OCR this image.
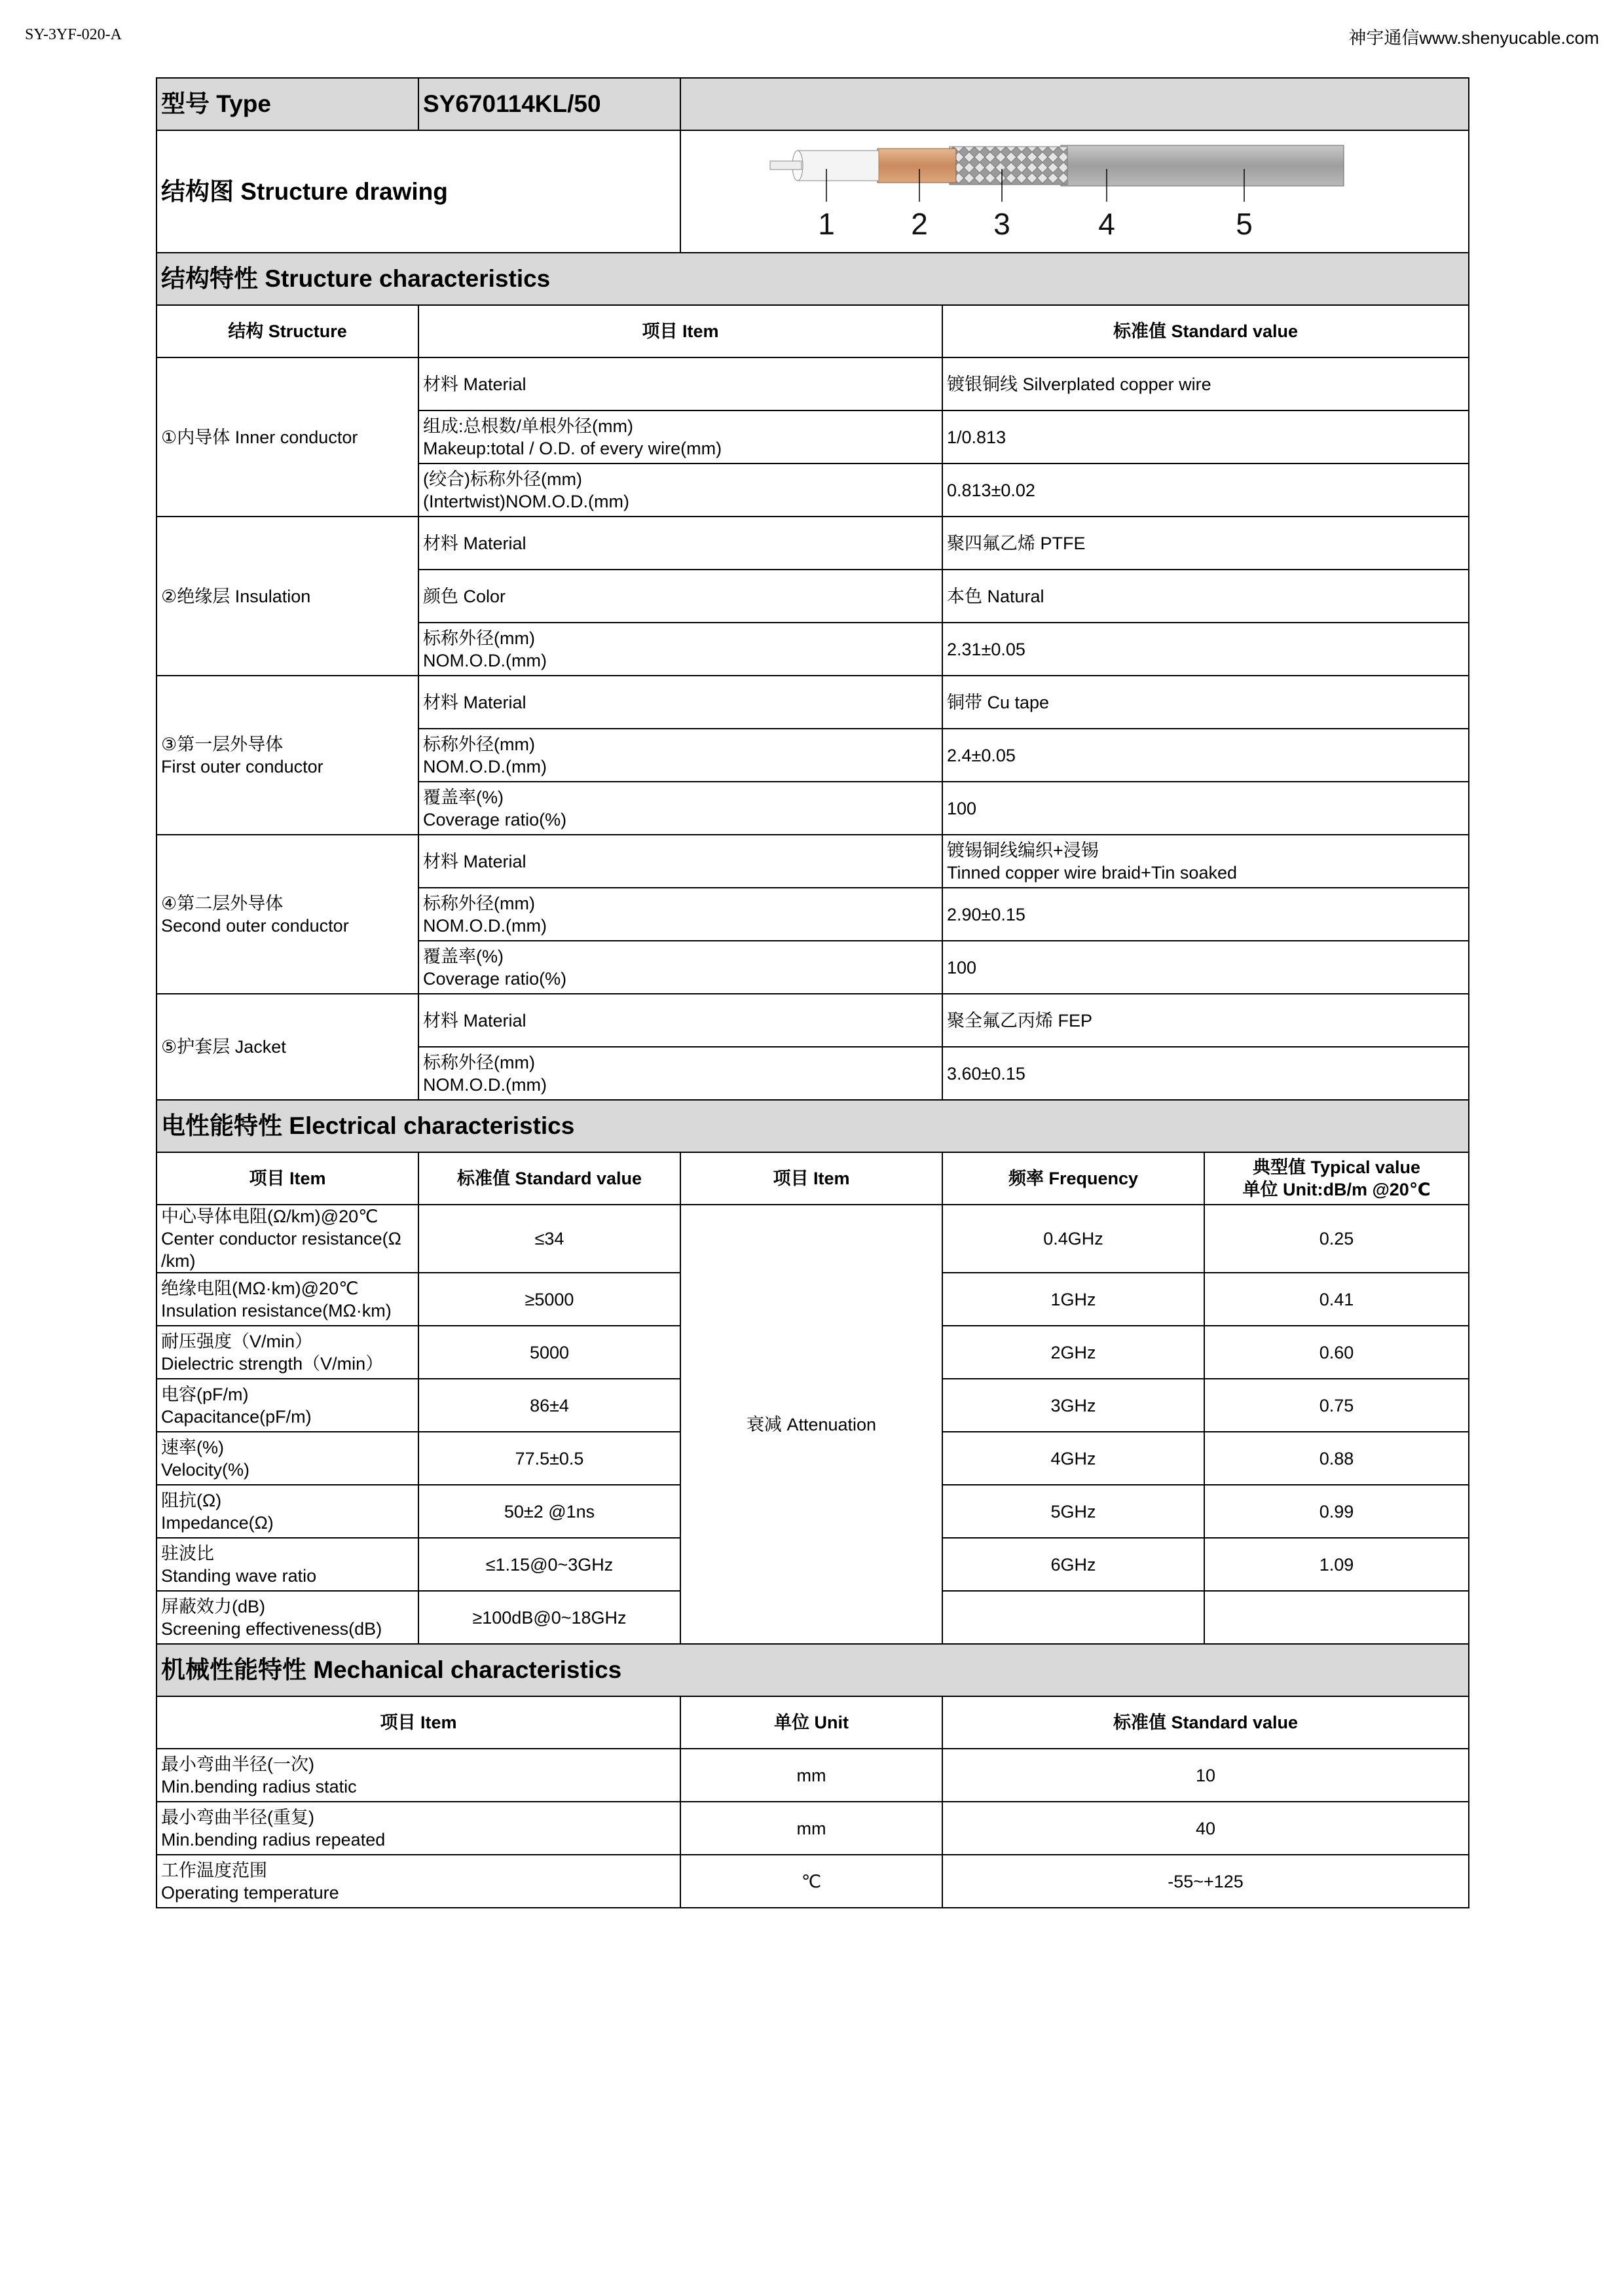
SY-3YF-020-A	神宇通信www.shenyucable.com
型号 Type	SY670114KL/50			
结构图 Structure drawing		1 2 3 4 5		

结构特性 Structure characteristics				
结构 Structure	项目 Item		标准值 Standard value	

①内导体 Inner conductor	材料 Material		镀银铜线 Silverplated copper wire	

	组成:总根数/单根外径(mm)
Makeup:total / O.D. of every wire(mm)		1/0.813	

	(绞合)标称外径(mm)
(Intertwist)NOM.O.D.(mm)		0.813±0.02	

②绝缘层 Insulation	材料 Material		聚四氟乙烯 PTFE	

	颜色 Color		本色 Natural	

	标称外径(mm)
NOM.O.D.(mm)		2.31±0.05	

③第一层外导体
First outer conductor	材料 Material		铜带 Cu tape	

	标称外径(mm)
NOM.O.D.(mm)		2.4±0.05	

	覆盖率(%)
Coverage ratio(%)		100	

④第二层外导体
Second outer conductor	材料 Material		镀锡铜线编织+浸锡
Tinned copper wire braid+Tin soaked	

	标称外径(mm)
NOM.O.D.(mm)		2.90±0.15	

	覆盖率(%)
Coverage ratio(%)		100	

⑤护套层 Jacket	材料 Material		聚全氟乙丙烯 FEP	

	标称外径(mm)
NOM.O.D.(mm)		3.60±0.15	

电性能特性 Electrical characteristics				
项目 Item	标准值 Standard value	项目 Item	频率 Frequency	典型值 Typical value
单位 Unit:dB/m @20℃

中心导体电阻(Ω/km)@20℃
Center conductor resistance(Ω
/km)	≤34	衰减 Attenuation	0.4GHz	0.25

绝缘电阻(MΩ·km)@20℃
Insulation resistance(MΩ·km)	≥5000		1GHz	0.41

耐压强度（V/min）
Dielectric strength（V/min）	5000		2GHz	0.60

电容(pF/m)
Capacitance(pF/m)	86±4		3GHz	0.75

速率(%)
Velocity(%)	77.5±0.5		4GHz	0.88

阻抗(Ω)
Impedance(Ω)	50±2 @1ns		5GHz	0.99

驻波比
Standing wave ratio	≤1.15@0~3GHz		6GHz	1.09

屏蔽效力(dB)
Screening effectiveness(dB)	≥100dB@0~18GHz			
机械性能特性 Mechanical characteristics				
项目 Item		单位 Unit	标准值 Standard value	

最小弯曲半径(一次)
Min.bending radius static		mm	10	

最小弯曲半径(重复)
Min.bending radius repeated		mm	40	

工作温度范围
Operating temperature		℃	-55~+125	
